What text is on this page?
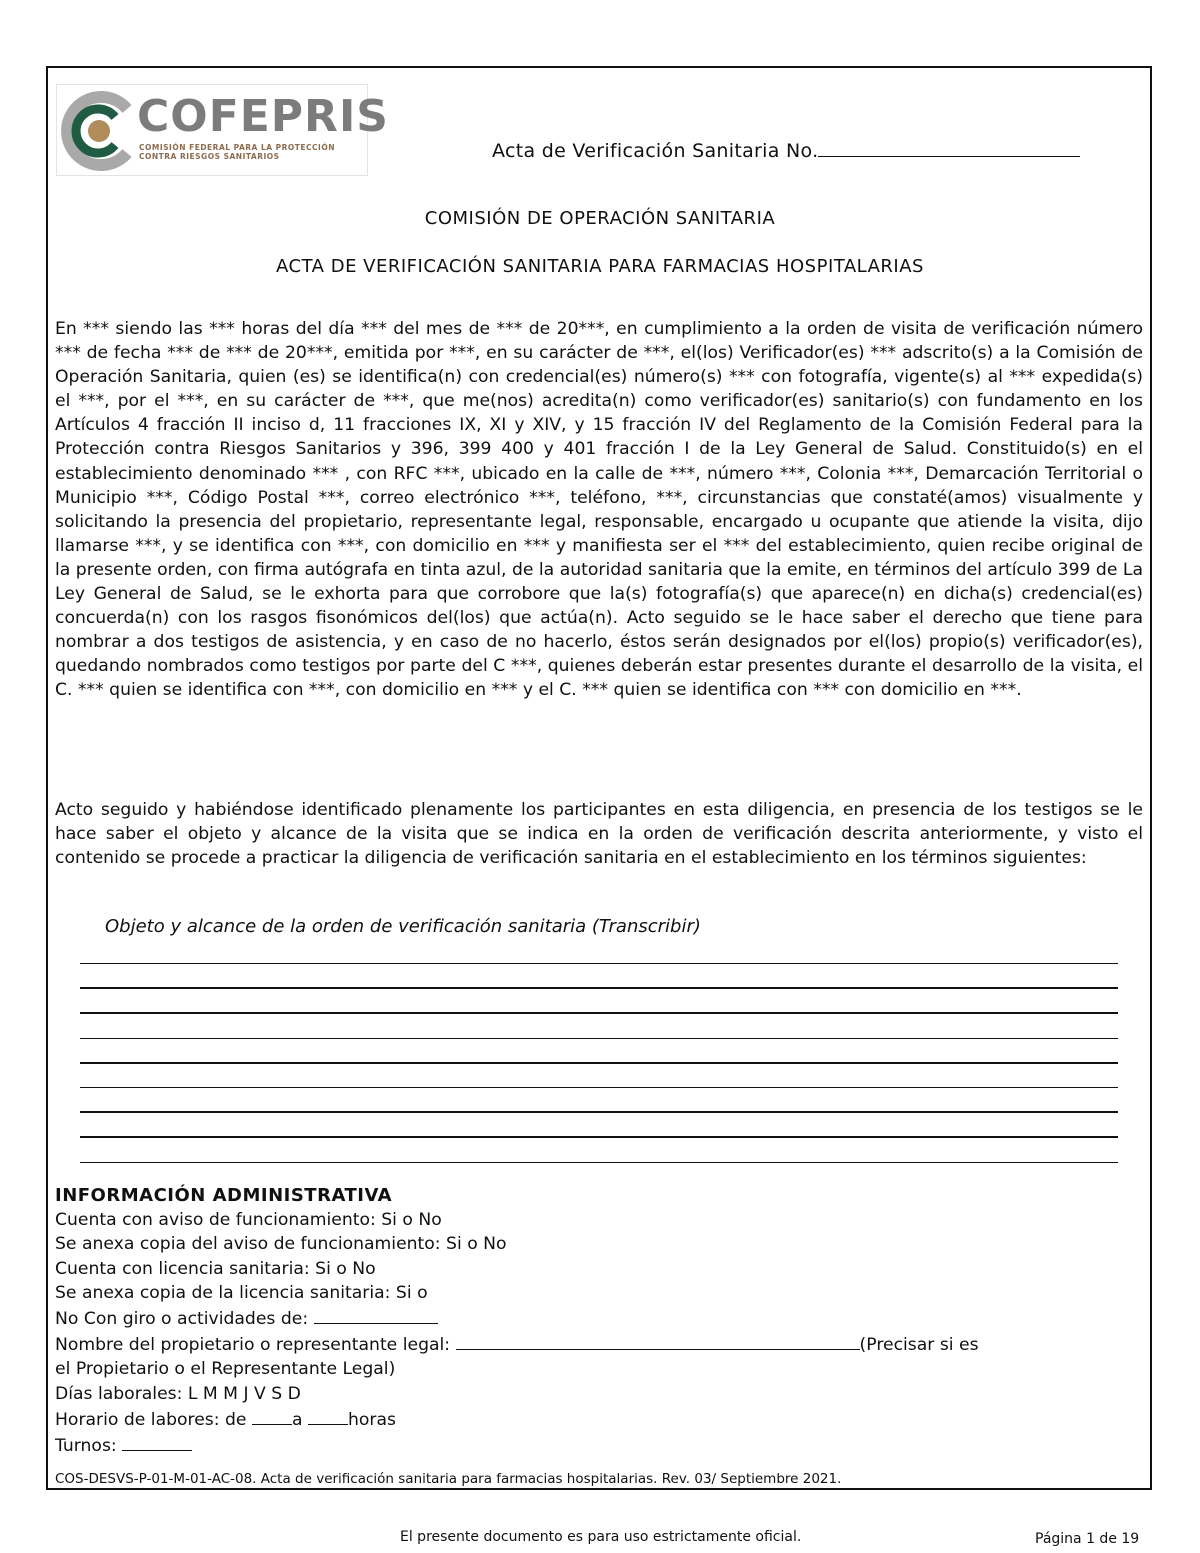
COFEPRIS
COMISIÓN FEDERAL PARA LA PROTECCIÓN
CONTRA RIESGOS SANITARIOS	Acta de Verificación Sanitaria No.
COMISIÓN DE OPERACIÓN SANITARIA
ACTA DE VERIFICACIÓN SANITARIA PARA FARMACIAS HOSPITALARIAS
En *** siendo las *** horas del día *** del mes de *** de 20***, en cumplimiento a la orden de visita de verificación número *** de fecha *** de *** de 20***, emitida por ***, en su carácter de ***, el(los) Verificador(es) *** adscrito(s) a la Comisión de Operación Sanitaria, quien (es) se identifica(n) con credencial(es) número(s) *** con fotografía, vigente(s) al *** expedida(s) el ***, por el ***, en su carácter de ***, que me(nos) acredita(n) como verificador(es) sanitario(s) con fundamento en los Artículos 4 fracción II inciso d, 11 fracciones IX, XI y XIV, y 15 fracción IV del Reglamento de la Comisión Federal para la Protección contra Riesgos Sanitarios y 396, 399 400 y 401 fracción I de la Ley General de Salud. Constituido(s) en el establecimiento denominado *** , con RFC ***, ubicado en la calle de ***, número ***, Colonia ***, Demarcación Territorial o Municipio ***, Código Postal ***, correo electrónico ***, teléfono, ***, circunstancias que constaté(amos) visualmente y solicitando la presencia del propietario, representante legal, responsable, encargado u ocupante que atiende la visita, dijo llamarse ***, y se identifica con ***, con domicilio en *** y manifiesta ser el *** del establecimiento, quien recibe original de la presente orden, con firma autógrafa en tinta azul, de la autoridad sanitaria que la emite, en términos del artículo 399 de La Ley General de Salud, se le exhorta para que corrobore que la(s) fotografía(s) que aparece(n) en dicha(s) credencial(es) concuerda(n) con los rasgos fisonómicos del(los) que actúa(n). Acto seguido se le hace saber el derecho que tiene para nombrar a dos testigos de asistencia, y en caso de no hacerlo, éstos serán designados por el(los) propio(s) verificador(es), quedando nombrados como testigos por parte del C ***, quienes deberán estar presentes durante el desarrollo de la visita, el C. *** quien se identifica con ***, con domicilio en *** y el C. *** quien se identifica con *** con domicilio en ***.
Acto seguido y habiéndose identificado plenamente los participantes en esta diligencia, en presencia de los testigos se le hace saber el objeto y alcance de la visita que se indica en la orden de verificación descrita anteriormente, y visto el contenido se procede a practicar la diligencia de verificación sanitaria en el establecimiento en los términos siguientes:
Objeto y alcance de la orden de verificación sanitaria (Transcribir)
INFORMACIÓN ADMINISTRATIVA
Cuenta con aviso de funcionamiento: Si o No
Se anexa copia del aviso de funcionamiento: Si o No
Cuenta con licencia sanitaria: Si o No
Se anexa copia de la licencia sanitaria: Si o
No Con giro o actividades de:
Nombre del propietario o representante legal:	(Precisar si es
el Propietario o el Representante Legal)
Días laborales: L M M J V S D
Horario de labores: de	a	horas
Turnos:
COS-DESVS-P-01-M-01-AC-08. Acta de verificación sanitaria para farmacias hospitalarias. Rev. 03/ Septiembre 2021.
El presente documento es para uso estrictamente oficial.	Página 1 de 19
